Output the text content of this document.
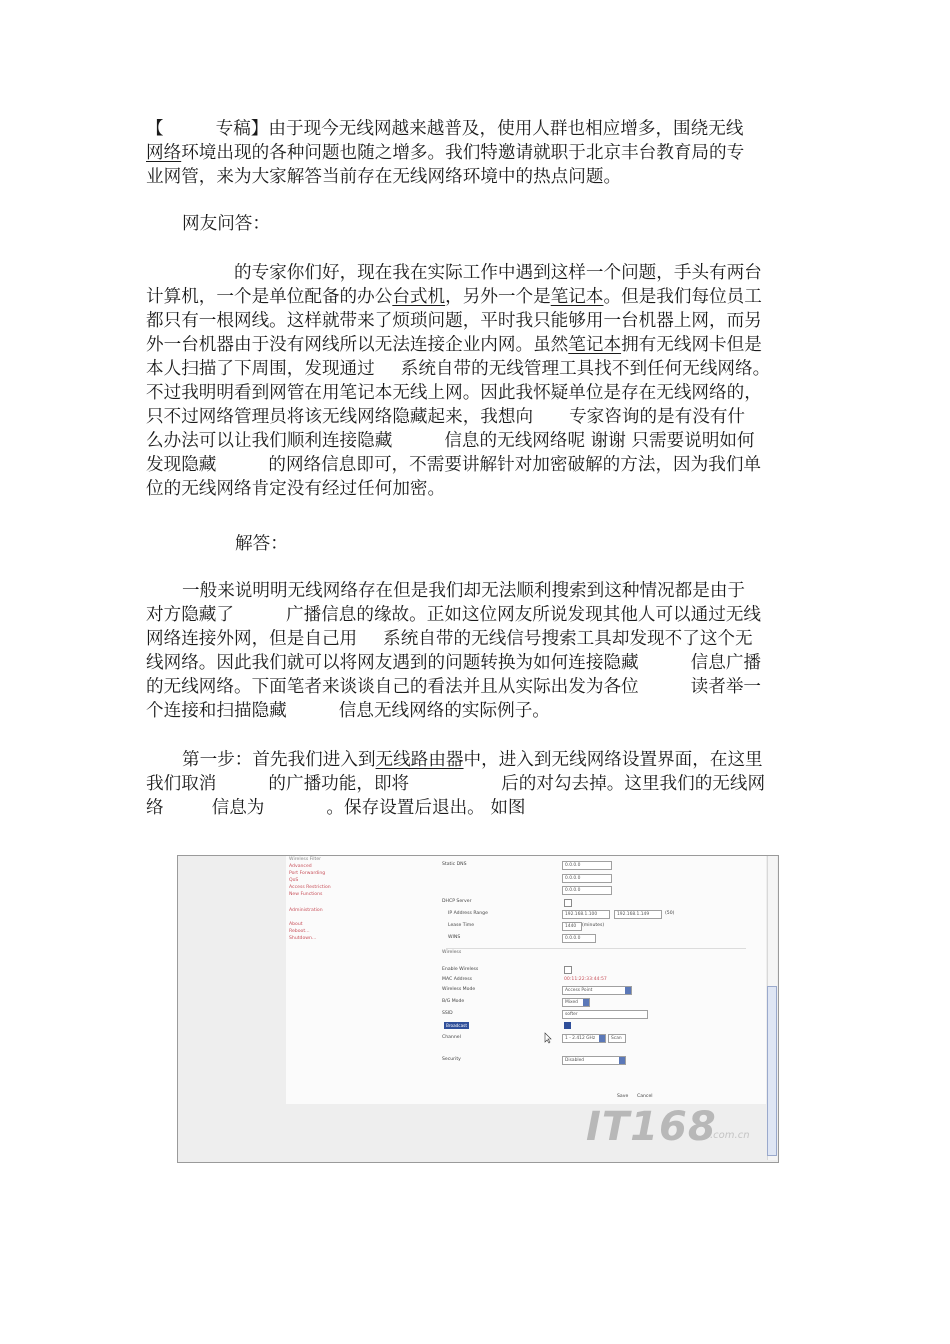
【	专稿】由于现今无线网越来越普及，使用人群也相应增多，围绕无线
网络环境出现的各种问题也随之增多。我们特邀请就职于北京丰台教育局的专
业网管，来为大家解答当前存在无线网络环境中的热点问题。
网友问答：
的专家你们好，现在我在实际工作中遇到这样一个问题，手头有两台
计算机，一个是单位配备的办公台式机，另外一个是笔记本。但是我们每位员工
都只有一根网线。这样就带来了烦琐问题，平时我只能够用一台机器上网，而另
外一台机器由于没有网线所以无法连接企业内网。虽然笔记本拥有无线网卡但是
本人扫描了下周围，发现通过 系统自带的无线管理工具找不到任何无线网络。
不过我明明看到网管在用笔记本无线上网。因此我怀疑单位是存在无线网络的，
只不过网络管理员将该无线网络隐藏起来，我想向 专家咨询的是有没有什
么办法可以让我们顺利连接隐藏	信息的无线网络呢 谢谢 只需要说明如何
发现隐藏	的网络信息即可，不需要讲解针对加密破解的方法，因为我们单
位的无线网络肯定没有经过任何加密。
解答：
一般来说明明无线网络存在但是我们却无法顺利搜索到这种情况都是由于
对方隐藏了	广播信息的缘故。正如这位网友所说发现其他人可以通过无线
网络连接外网，但是自己用 系统自带的无线信号搜索工具却发现不了这个无
线网络。因此我们就可以将网友遇到的问题转换为如何连接隐藏	信息广播
的无线网络。下面笔者来谈谈自己的看法并且从实际出发为各位	读者举一
个连接和扫描隐藏	信息无线网络的实际例子。
第一步：首先我们进入到无线路由器中，进入到无线网络设置界面，在这里
我们取消	的广播功能，即将	后的对勾去掉。这里我们的无线网
络	信息为	。保存设置后退出。 如图
Wireless Filter
Advanced
Port Forwarding
QoS
Access Restriction
New Functions
Administration
About
Reboot...
Shutdown...
Static DNS	0.0.0.0
0.0.0.0
0.0.0.0
DHCP Server
IP Address Range	192.168.1.100	192.168.1.149	(50)
Lease Time	1440	(minutes)
WINS	0.0.0.0
Wireless
Enable Wireless
MAC Address	00:11:22:33:44:57
Wireless Mode	Access Point
B/G Mode	Mixed
SSID	softer
Broadcast
Channel	1 - 2.412 GHz	Scan
Security	Disabled
Save Cancel
IT168
.com.cn
